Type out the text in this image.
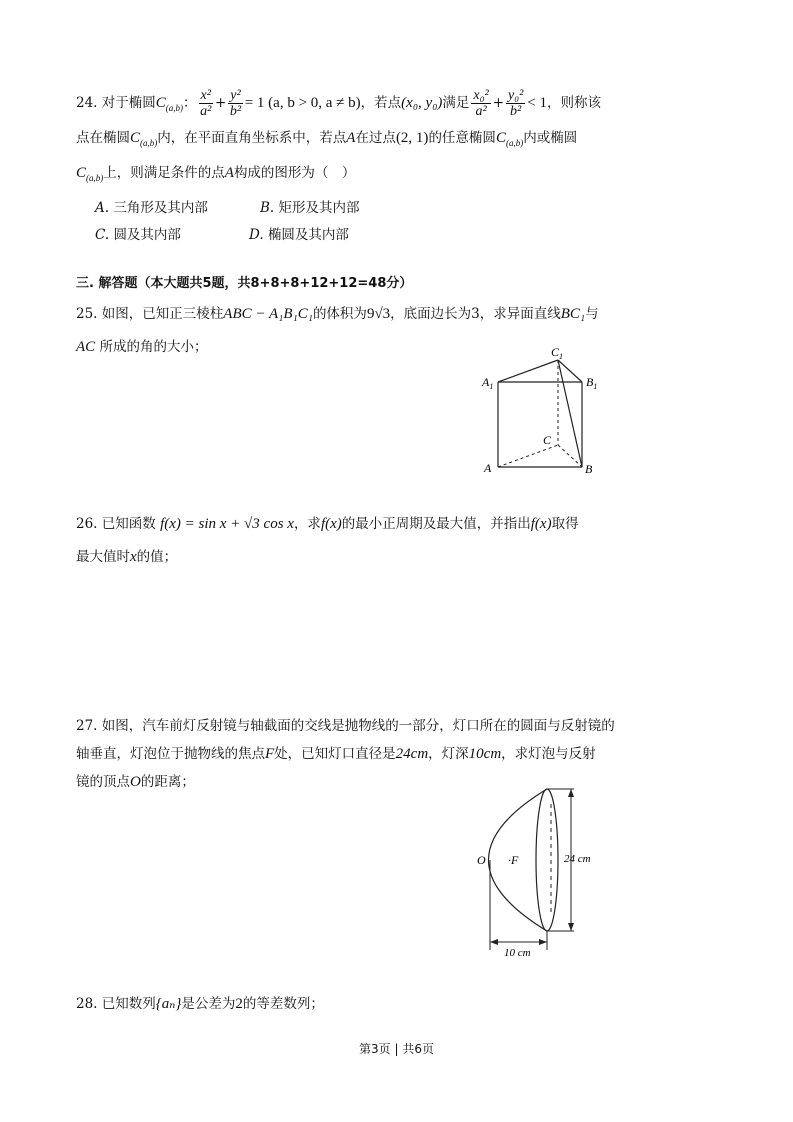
24. 对于椭圆$C_{(a,b)}$： $\frac{\text{x²}}{\text{a²}} + \frac{\text{y²}}{\text{b²}} = 1$ (a, b > 0, a ≠ b)，若点(x₀, y₀)满足 $\frac{\text{x₀²}}{\text{a²}} + \frac{\text{y₀²}}{\text{b²}} < 1$，则称该
点在椭圆$C_{(a,b)}$内，在平面直角坐标系中，若点A在过点(2, 1)的任意椭圆$C_{(a,b)}$内或椭圆
$C_{(a,b)}$上，则满足条件的点A构成的图形为（　）
A. 三角形及其内部	B. 矩形及其内部
C. 圆及其内部	D. 椭圆及其内部
三. 解答题（本大题共5题，共8+8+8+12+12=48分）
25. 如图，已知正三棱柱ABC − A₁B₁C₁的体积为9√3，底面边长为3，求异面直线BC₁与
AC 所成的角的大小；	$C_1$
$A_1$	$B_1$
C
A	B
26. 已知函数 f(x) = sin x + √3 cos x，求f(x)的最小正周期及最大值，并指出f(x)取得
最大值时x的值；
27. 如图，汽车前灯反射镜与轴截面的交线是抛物线的一部分，灯口所在的圆面与反射镜的
轴垂直，灯泡位于抛物线的焦点F处，已知灯口直径是24cm，灯深10cm，求灯泡与反射
镜的顶点O的距离；
24 cm
10 cm
O ·F
28. 已知数列{aₙ}是公差为2的等差数列；
第3页 | 共6页
